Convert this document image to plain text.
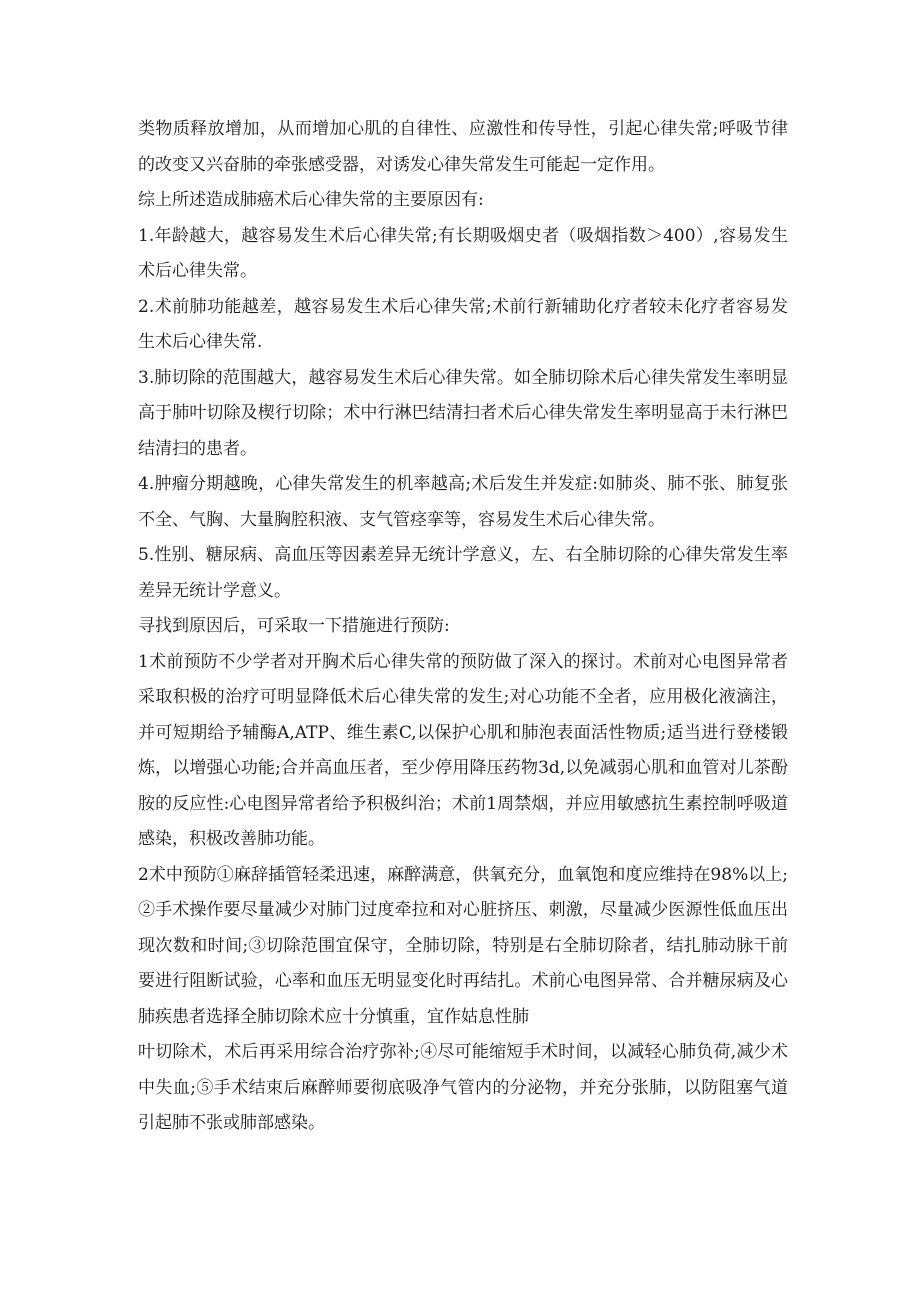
类物质释放增加，从而增加心肌的自律性、应激性和传导性，引起心律失常;呼吸节律的改变又兴奋肺的牵张感受器，对诱发心律失常发生可能起一定作用。

综上所述造成肺癌术后心律失常的主要原因有:

1.年龄越大，越容易发生术后心律失常;有长期吸烟史者（吸烟指数＞400）,容易发生术后心律失常。

2.术前肺功能越差，越容易发生术后心律失常;术前行新辅助化疗者较未化疗者容易发生术后心律失常.

3.肺切除的范围越大，越容易发生术后心律失常。如全肺切除术后心律失常发生率明显高于肺叶切除及楔行切除；术中行淋巴结清扫者术后心律失常发生率明显高于未行淋巴结清扫的患者。

4.肿瘤分期越晚，心律失常发生的机率越高;术后发生并发症:如肺炎、肺不张、肺复张不全、气胸、大量胸腔积液、支气管痉挛等，容易发生术后心律失常。

5.性别、糖尿病、高血压等因素差异无统计学意义，左、右全肺切除的心律失常发生率差异无统计学意义。

寻找到原因后，可采取一下措施进行预防:

1术前预防不少学者对开胸术后心律失常的预防做了深入的探讨。术前对心电图异常者采取积极的治疗可明显降低术后心律失常的发生;对心功能不全者，应用极化液滴注，并可短期给予辅酶A,ATP、维生素C,以保护心肌和肺泡表面活性物质;适当进行登楼锻炼，以增强心功能;合并高血压者，至少停用降压药物3d,以免减弱心肌和血管对儿茶酚胺的反应性:心电图异常者给予积极纠治；术前1周禁烟，并应用敏感抗生素控制呼吸道感染，积极改善肺功能。

2术中预防①麻辞插管轻柔迅速，麻醉满意，供氧充分，血氧饱和度应维持在98%以上;②手术操作要尽量减少对肺门过度牵拉和对心脏挤压、刺激，尽量减少医源性低血压出现次数和时间;③切除范围宜保守，全肺切除，特别是右全肺切除者，结扎肺动脉干前要进行阻断试验，心率和血压无明显变化时再结扎。术前心电图异常、合并糖尿病及心肺疾患者选择全肺切除术应十分慎重，宜作姑息性肺

叶切除术，术后再采用综合治疗弥补;④尽可能缩短手术时间，以减轻心肺负荷,减少术中失血;⑤手术结束后麻醉师要彻底吸净气管内的分泌物，并充分张肺，以防阻塞气道引起肺不张或肺部感染。
